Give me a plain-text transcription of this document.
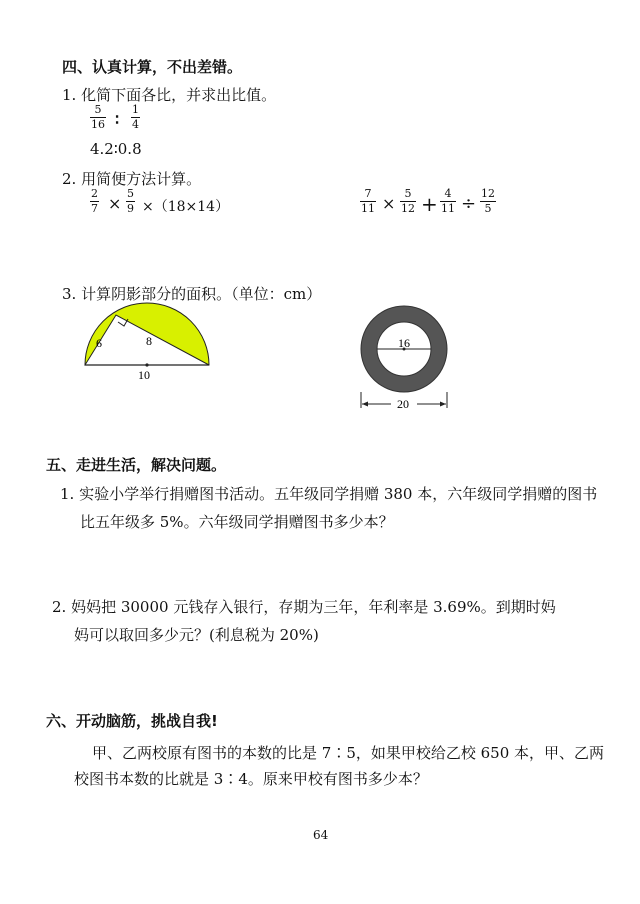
四、认真计算，不出差错。
1. 化简下面各比，并求出比值。
5
16 ∶
1
4
4.2∶0.8
2. 用简便方法计算。
2
7 ×
5
9 ×（18×14）
7
11 ×
5
12 + 4
11 ÷ 12
5
3. 计算阴影部分的面积。（单位：cm）
6	8
10
16
20
五、走进生活，解决问题。
1. 实验小学举行捐赠图书活动。五年级同学捐赠 380 本，六年级同学捐赠的图书
比五年级多 5%。六年级同学捐赠图书多少本？
2. 妈妈把 30000 元钱存入银行，存期为三年，年利率是 3.69%。到期时妈
妈可以取回多少元？(利息税为 20%)
六、开动脑筋，挑战自我!
甲、乙两校原有图书的本数的比是 7∶5，如果甲校给乙校 650 本，甲、乙两
校图书本数的比就是 3∶4。原来甲校有图书多少本？
64
